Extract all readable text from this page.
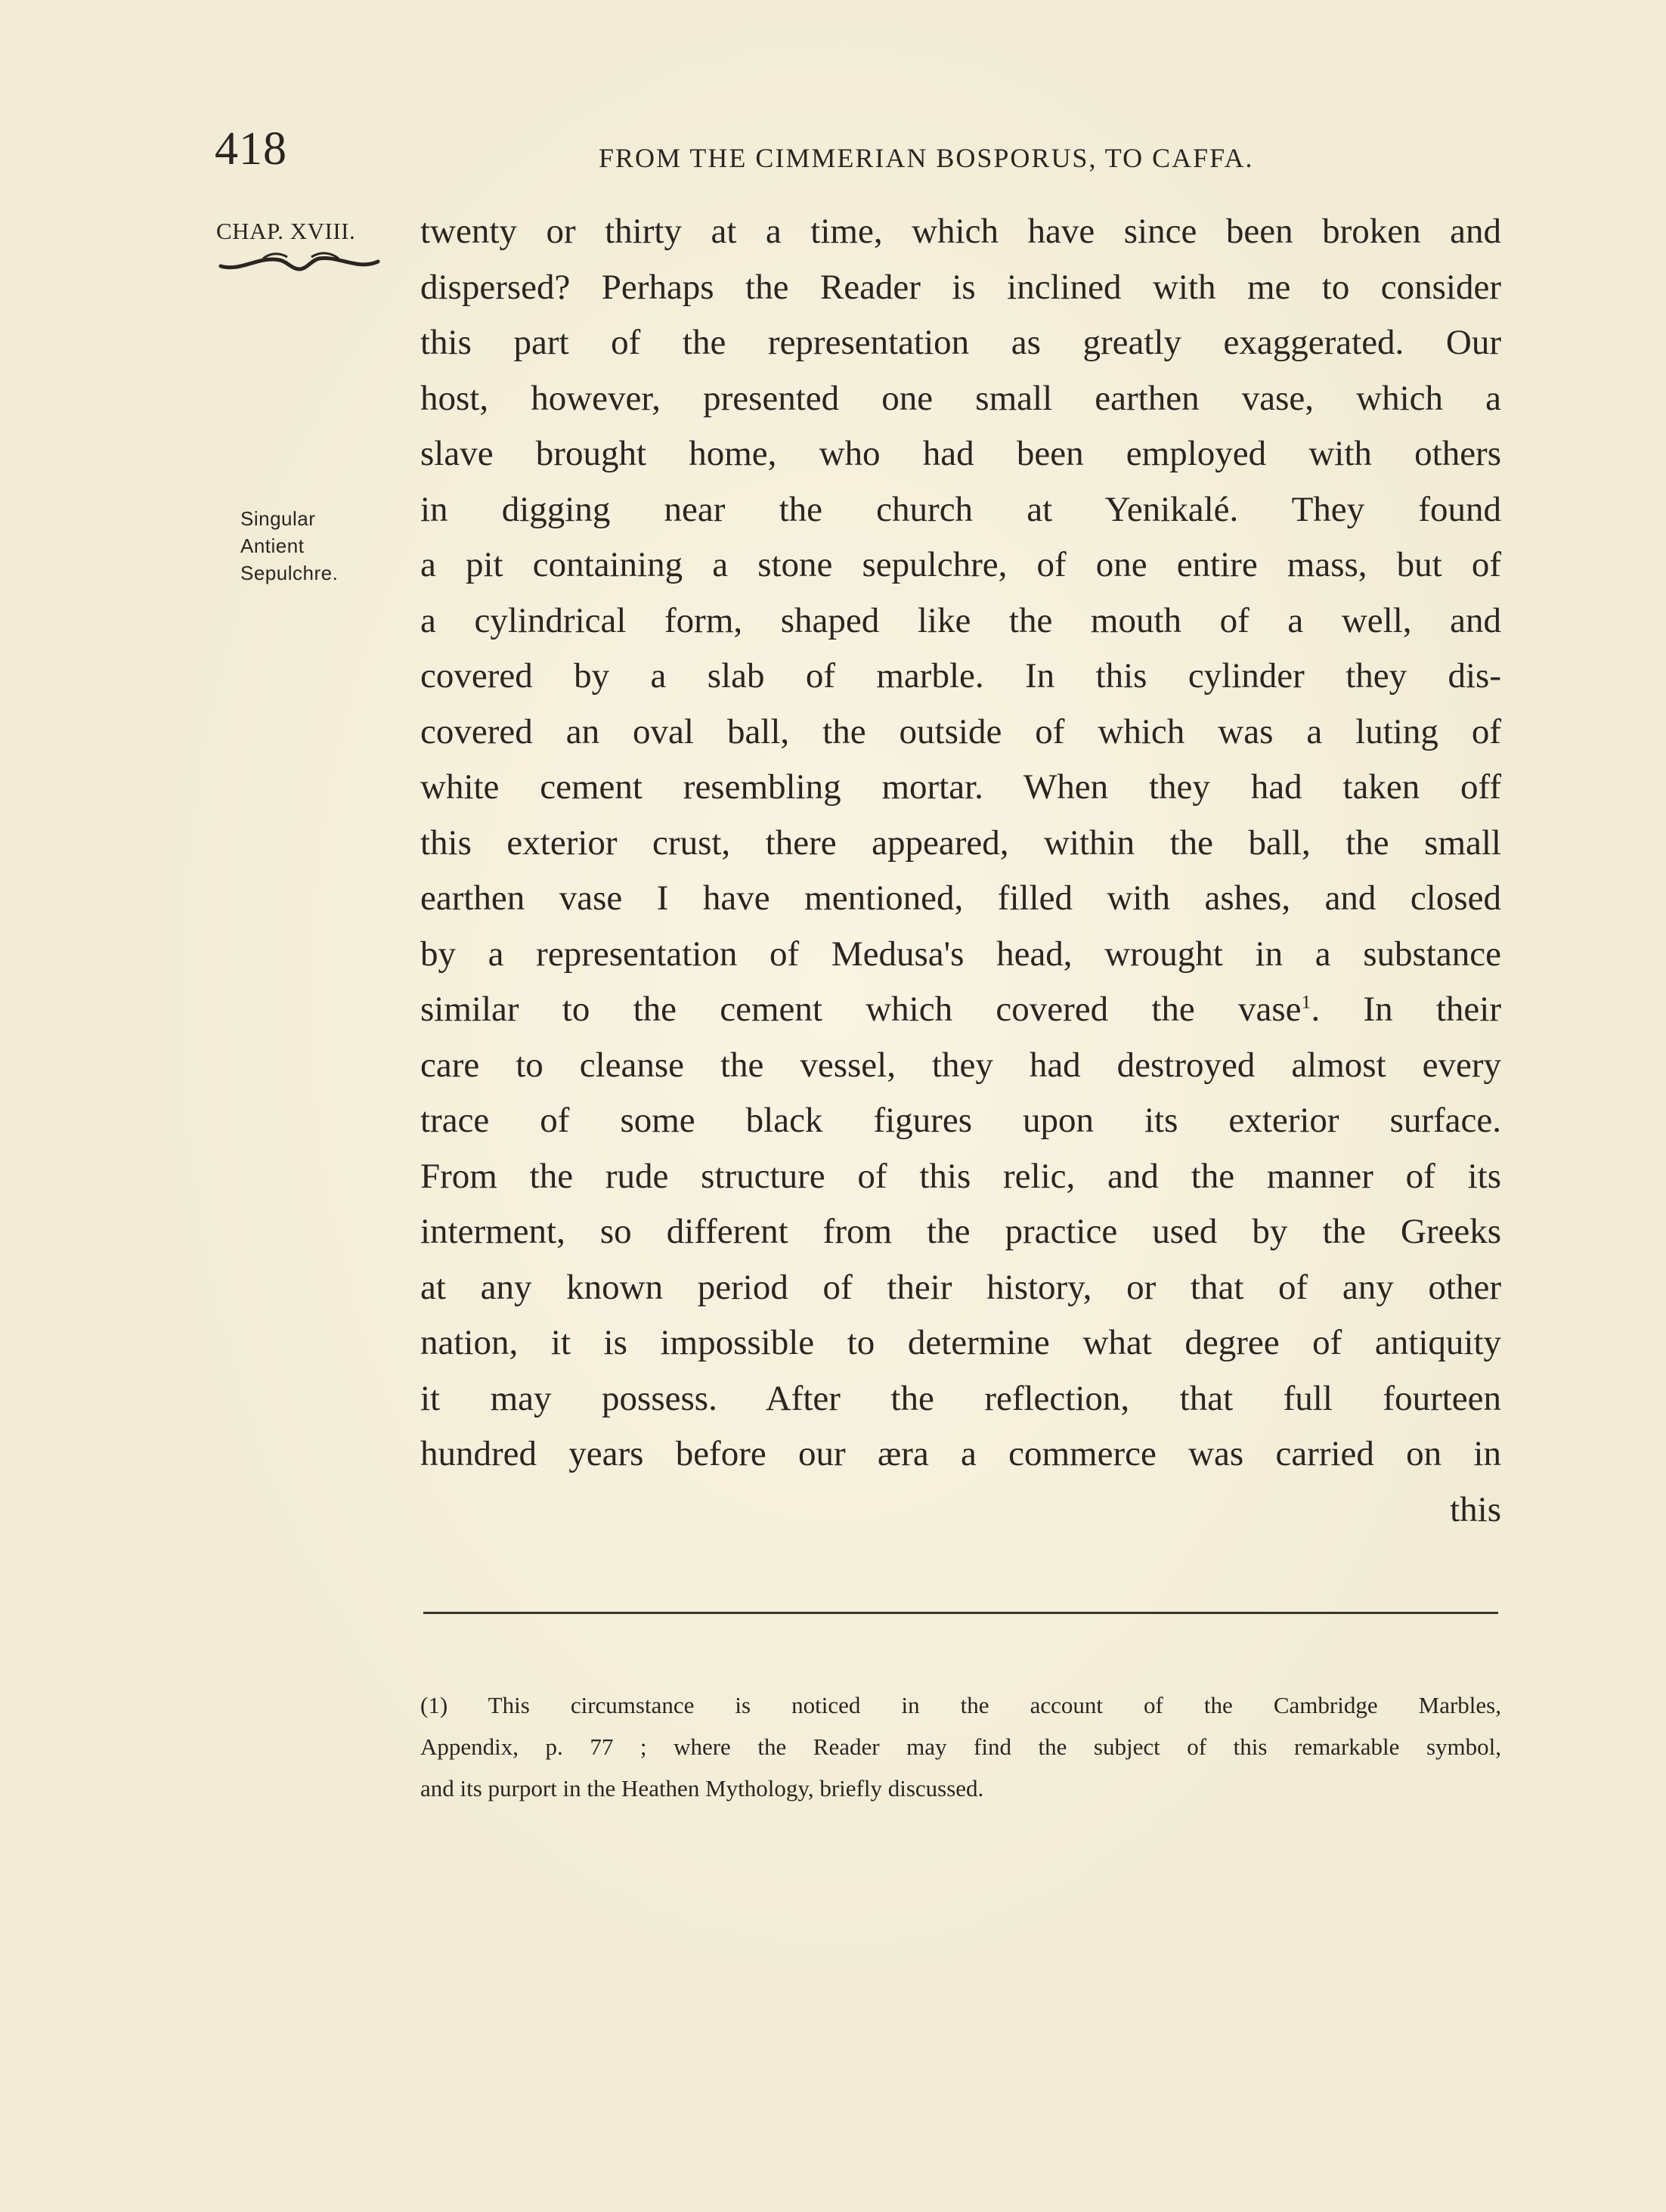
418	FROM THE CIMMERIAN BOSPORUS, TO CAFFA.
CHAP. XVIII.
Singular
Antient
Sepulchre.
twenty or thirty at a time, which have since been broken and
dispersed? Perhaps the Reader is inclined with me to consider
this part of the representation as greatly exaggerated. Our
host, however, presented one small earthen vase, which a
slave brought home, who had been employed with others
in digging near the church at Yenikalé. They found
a pit containing a stone sepulchre, of one entire mass, but of
a cylindrical form, shaped like the mouth of a well, and
covered by a slab of marble. In this cylinder they dis-
covered an oval ball, the outside of which was a luting of
white cement resembling mortar. When they had taken off
this exterior crust, there appeared, within the ball, the small
earthen vase I have mentioned, filled with ashes, and closed
by a representation of Medusa's head, wrought in a substance
similar to the cement which covered the vase$^1$. In their
care to cleanse the vessel, they had destroyed almost every
trace of some black figures upon its exterior surface.
From the rude structure of this relic, and the manner of its
interment, so different from the practice used by the Greeks
at any known period of their history, or that of any other
nation, it is impossible to determine what degree of antiquity
it may possess. After the reflection, that full fourteen
hundred years before our æra a commerce was carried on in
this
(1) This circumstance is noticed in the account of the Cambridge Marbles,
Appendix, p. 77 ; where the Reader may find the subject of this remarkable symbol,
and its purport in the Heathen Mythology, briefly discussed.
